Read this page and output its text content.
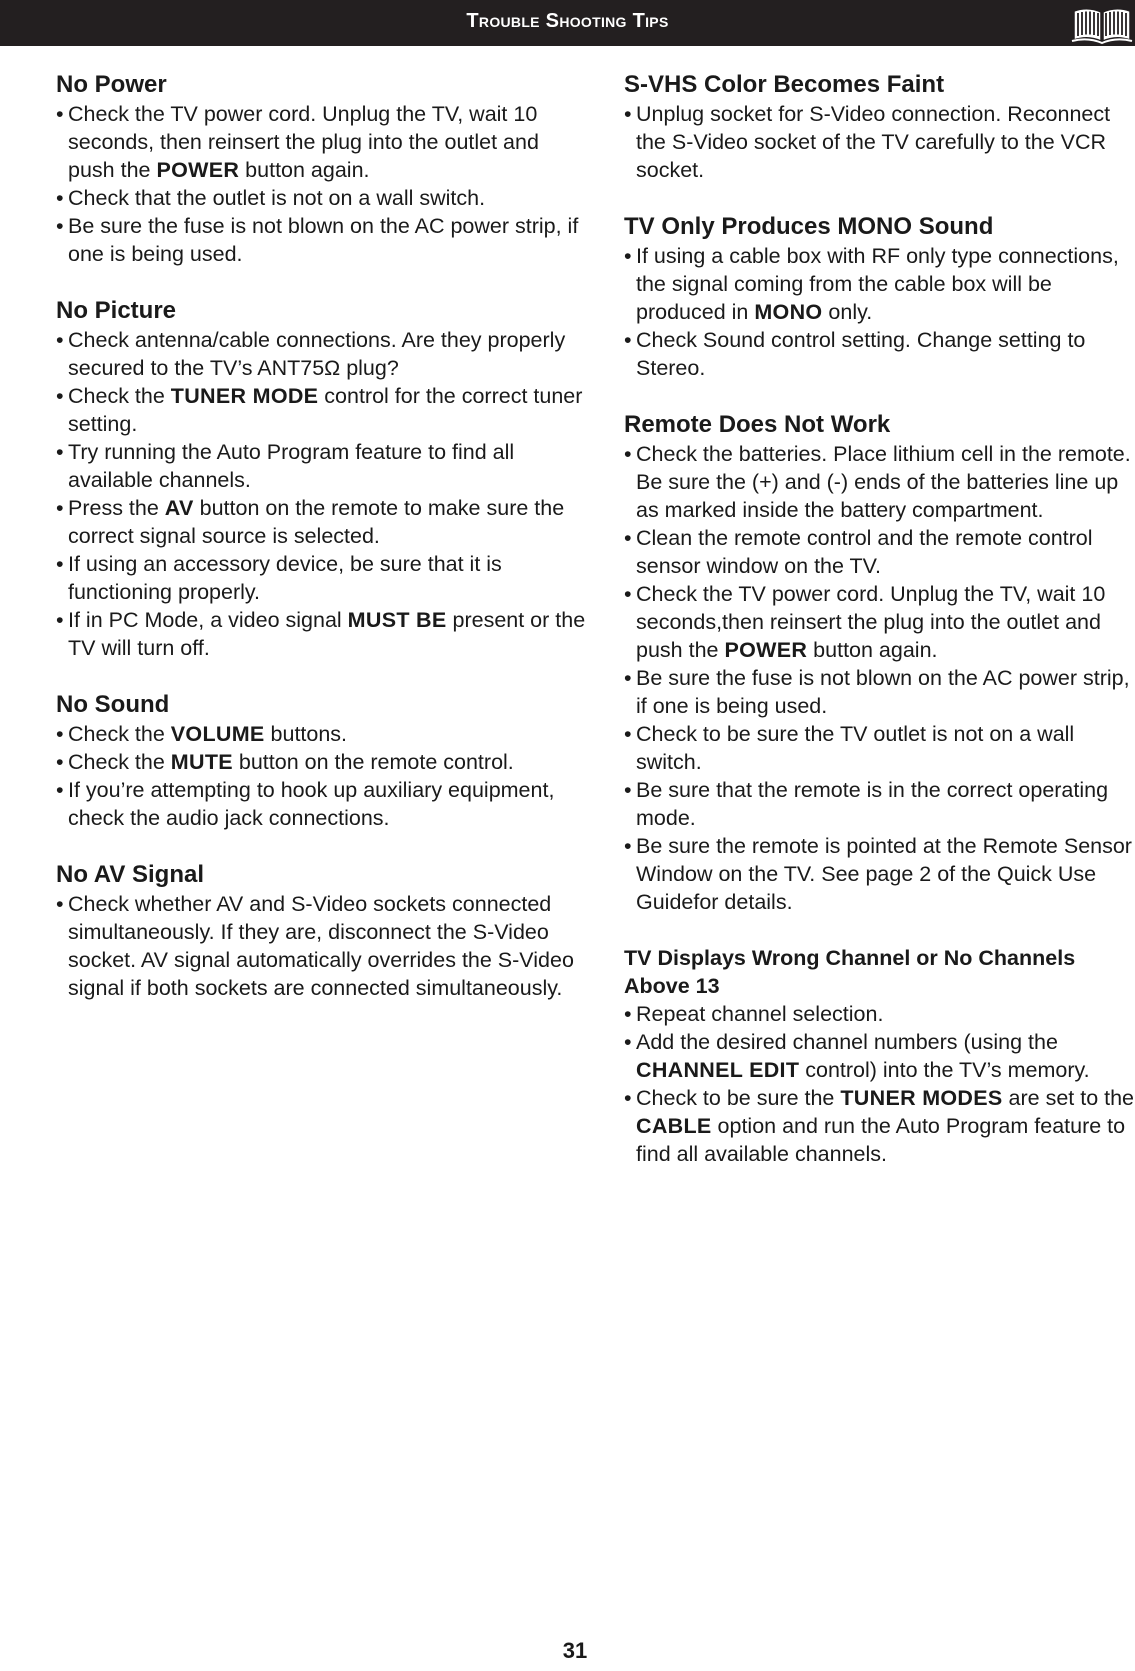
Trouble Shooting Tips
No Power
• Check the TV power cord. Unplug the TV, wait 10 seconds, then reinsert the plug into the outlet and push the POWER button again.
• Check that the outlet is not on a wall switch.
• Be sure the fuse is not blown on the AC power strip, if one is being used.
No Picture
• Check antenna/cable connections. Are they properly secured to the TV’s ANT75Ω plug?
• Check the TUNER MODE control for the correct tuner setting.
• Try running the Auto Program feature to find all available channels.
• Press the AV button on the remote to make sure the correct signal source is selected.
• If using an accessory device, be sure that it is functioning properly.
• If in PC Mode, a video signal MUST BE present or the TV will turn off.
No Sound
• Check the VOLUME buttons.
• Check the MUTE button on the remote control.
• If you’re attempting to hook up auxiliary equipment, check the audio jack connections.
No AV Signal
• Check whether AV and S-Video sockets connected simultaneously. If they are, disconnect the S-Video socket. AV signal automatically overrides the S-Video signal if both sockets are connected simultaneously.
S-VHS Color Becomes Faint
• Unplug socket for S-Video connection. Reconnect the S-Video socket of the TV carefully to the VCR socket.
TV Only Produces MONO Sound
• If using a cable box with RF only type connections, the signal coming from the cable box will be produced in MONO only.
• Check Sound control setting. Change setting to Stereo.
Remote Does Not Work
• Check the batteries. Place lithium cell in the remote. Be sure the (+) and (-) ends of the batteries line up as marked inside the battery compartment.
• Clean the remote control and the remote control sensor window on the TV.
• Check the TV power cord. Unplug the TV, wait 10 seconds,then reinsert the plug into the outlet and push the POWER button again.
• Be sure the fuse is not blown on the AC power strip, if one is being used.
• Check to be sure the TV outlet is not on a wall switch.
• Be sure that the remote is in the correct operating mode.
• Be sure the remote is pointed at the Remote Sensor Window on the TV. See page 2 of the Quick Use Guidefor details.
TV Displays Wrong Channel or No Channels Above 13
• Repeat channel selection.
• Add the desired channel numbers (using the CHANNEL EDIT control) into the TV’s memory.
• Check to be sure the TUNER MODES are set to the CABLE option and run the Auto Program feature to find all available channels.
31
